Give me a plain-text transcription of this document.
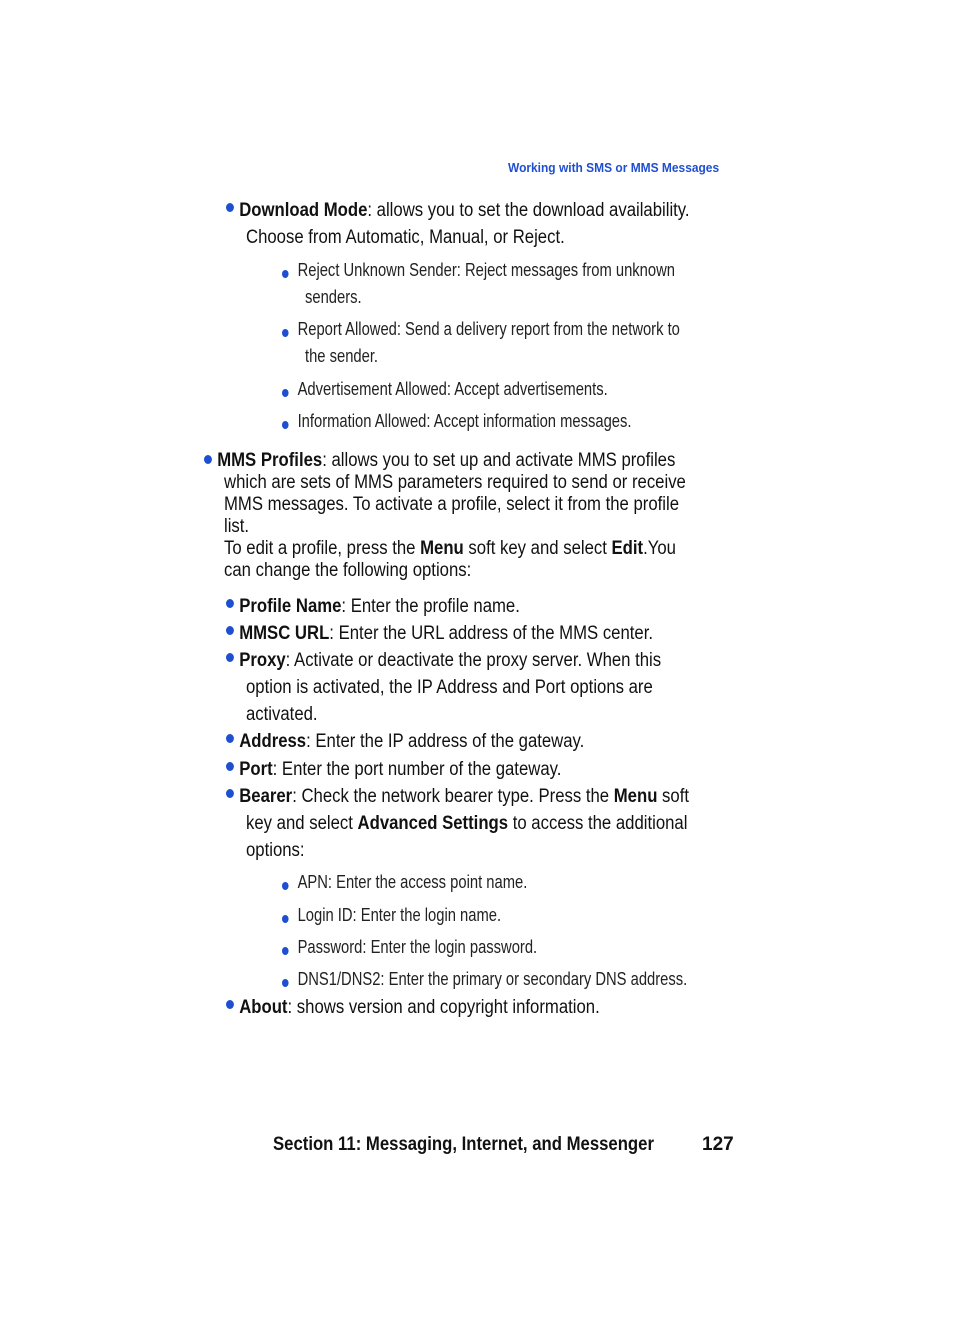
Working with SMS or MMS Messages
Download Mode: allows you to set the download availability.
Choose from Automatic, Manual, or Reject.
Reject Unknown Sender: Reject messages from unknown
senders.
Report Allowed: Send a delivery report from the network to
the sender.
Advertisement Allowed: Accept advertisements.
Information Allowed: Accept information messages.
MMS Profiles: allows you to set up and activate MMS profiles
which are sets of MMS parameters required to send or receive
MMS messages. To activate a profile, select it from the profile
list.
To edit a profile, press the Menu soft key and select Edit.You
can change the following options:
Profile Name: Enter the profile name.
MMSC URL: Enter the URL address of the MMS center.
Proxy: Activate or deactivate the proxy server. When this
option is activated, the IP Address and Port options are
activated.
Address: Enter the IP address of the gateway.
Port: Enter the port number of the gateway.
Bearer: Check the network bearer type. Press the Menu soft
key and select Advanced Settings to access the additional
options:
APN: Enter the access point name.
Login ID: Enter the login name.
Password: Enter the login password.
DNS1/DNS2: Enter the primary or secondary DNS address.
About: shows version and copyright information.
Section 11: Messaging, Internet, and Messenger	127
